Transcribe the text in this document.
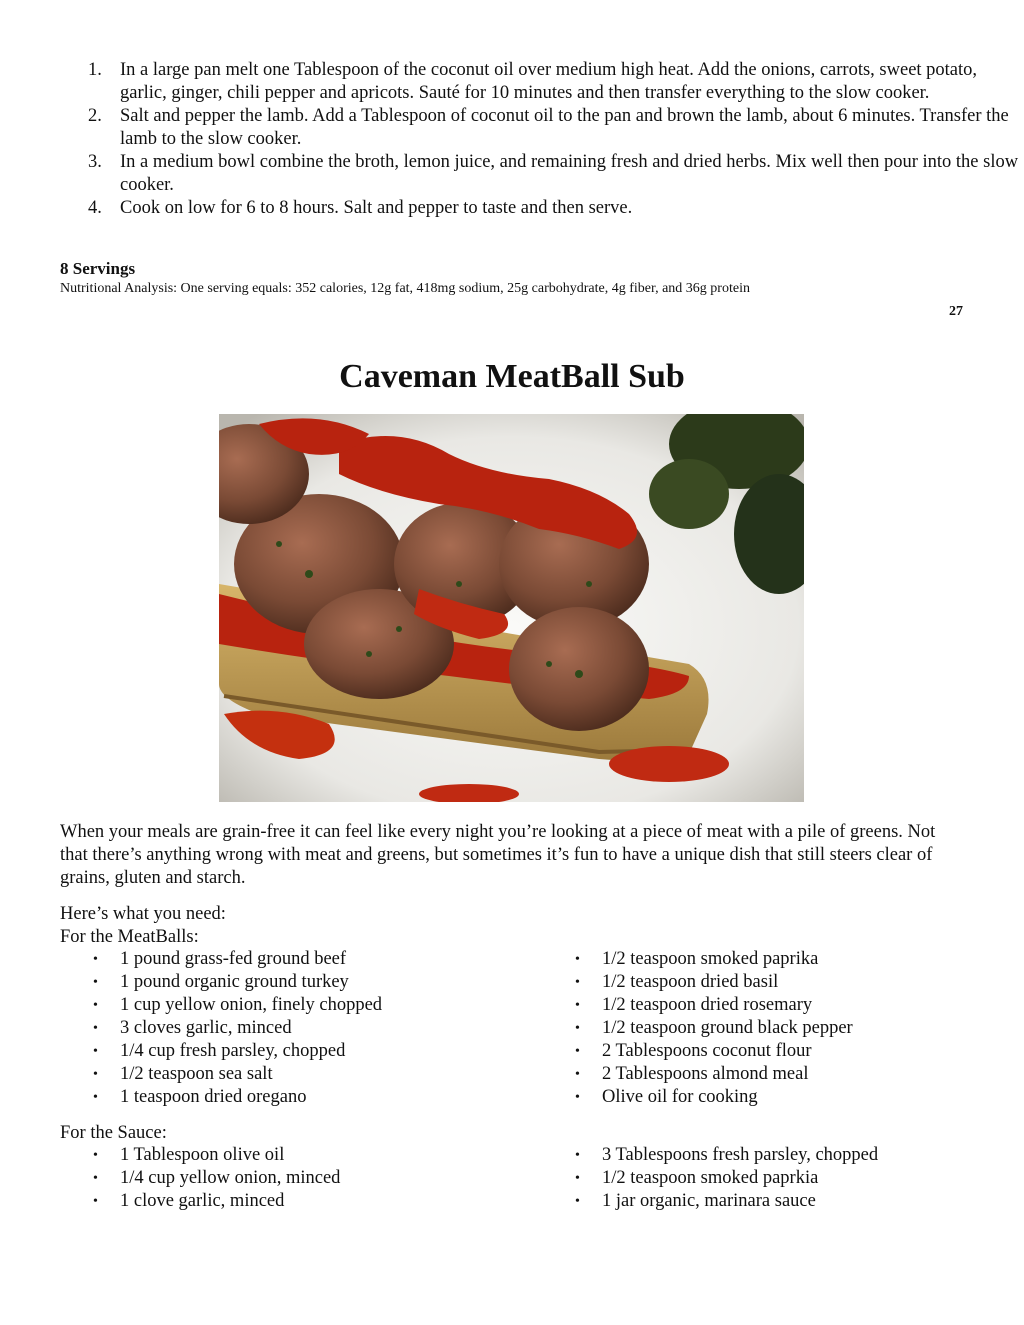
1. In a large pan melt one Tablespoon of the coconut oil over medium high heat. Add the onions, carrots, sweet potato, garlic, ginger, chili pepper and apricots. Sauté for 10 minutes and then transfer everything to the slow cooker.
2. Salt and pepper the lamb. Add a Tablespoon of coconut oil to the pan and brown the lamb, about 6 minutes. Transfer the lamb to the slow cooker.
3. In a medium bowl combine the broth, lemon juice, and remaining fresh and dried herbs. Mix well then pour into the slow cooker.
4. Cook on low for 6 to 8 hours. Salt and pepper to taste and then serve.
8 Servings
Nutritional Analysis: One serving equals: 352 calories, 12g fat, 418mg sodium, 25g carbohydrate, 4g fiber, and 36g protein
27
Caveman MeatBall Sub

When your meals are grain-free it can feel like every night you’re looking at a piece of meat with a pile of greens. Not that there’s anything wrong with meat and greens, but sometimes it’s fun to have a unique dish that still steers clear of grains, gluten and starch.

Here’s what you need:
For the MeatBalls:
• 1 pound grass-fed ground beef
• 1 pound organic ground turkey
• 1 cup yellow onion, finely chopped
• 3 cloves garlic, minced
• 1/4 cup fresh parsley, chopped
• 1/2 teaspoon sea salt
• 1 teaspoon dried oregano
• 1/2 teaspoon smoked paprika
• 1/2 teaspoon dried basil
• 1/2 teaspoon dried rosemary
• 1/2 teaspoon ground black pepper
• 2 Tablespoons coconut flour
• 2 Tablespoons almond meal
• Olive oil for cooking
For the Sauce:
• 1 Tablespoon olive oil
• 1/4 cup yellow onion, minced
• 1 clove garlic, minced
• 3 Tablespoons fresh parsley, chopped
• 1/2 teaspoon smoked paprkia
• 1 jar organic, marinara sauce
